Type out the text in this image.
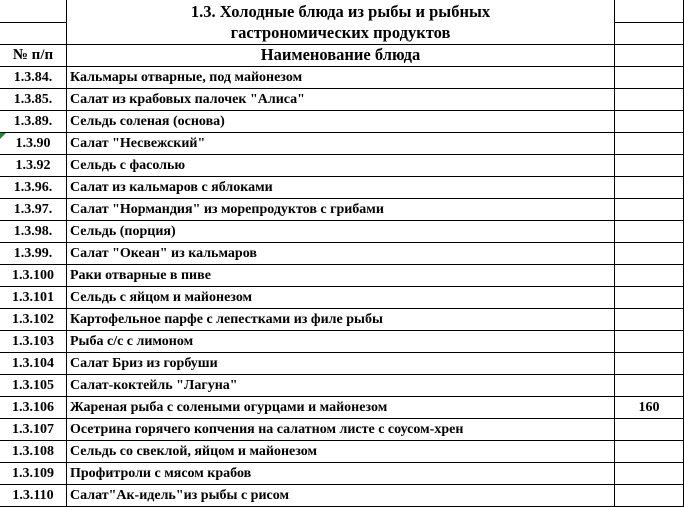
1.3. Холодные блюда из рыбы и рыбных
гастрономических продуктов
№ п/п	Наименование блюда
1.3.84.	Кальмары отварные, под майонезом
1.3.85.	Салат из крабовых палочек "Алиса"
1.3.89.	Сельдь соленая (основа)
1.3.90	Салат "Несвежский"
1.3.92	Сельдь с фасолью
1.3.96.	Салат из кальмаров с яблоками
1.3.97.	Салат "Нормандия" из морепродуктов с грибами
1.3.98.	Сельдь (порция)
1.3.99.	Салат "Океан" из кальмаров
1.3.100	Раки отварные в пиве
1.3.101	Сельдь с яйцом и майонезом
1.3.102	Картофельное парфе с лепестками из филе рыбы
1.3.103	Рыба с/с с лимоном
1.3.104	Салат Бриз из горбуши
1.3.105	Салат-коктейль "Лагуна"
1.3.106	Жареная рыба с солеными огурцами и майонезом	160
1.3.107	Осетрина горячего копчения на салатном листе с соусом-хрен
1.3.108	Сельдь со свеклой, яйцом и майонезом
1.3.109	Профитроли с мясом крабов
1.3.110	Салат"Ак-идель"из рыбы с рисом
